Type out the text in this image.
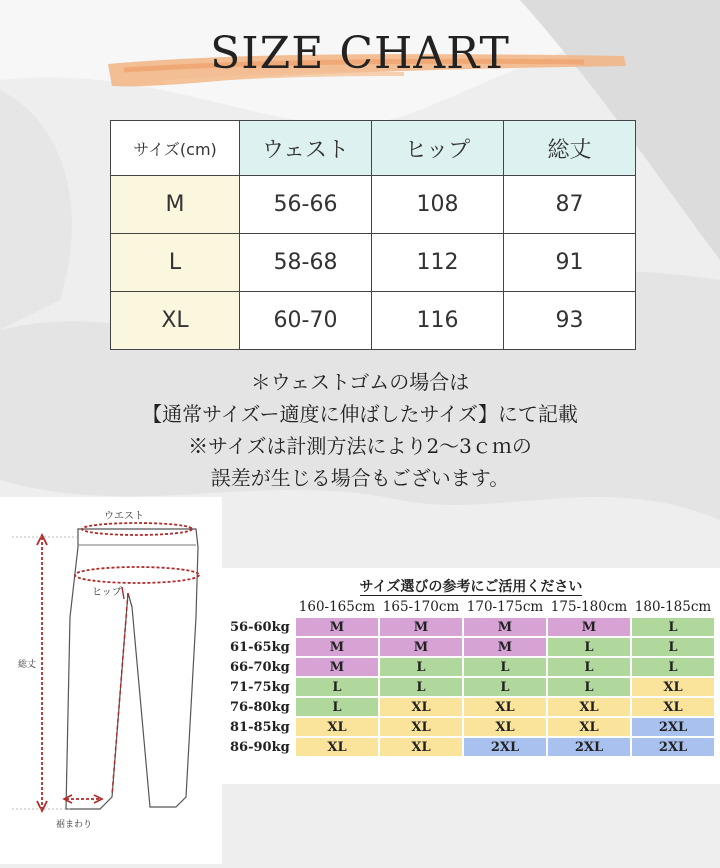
SIZE CHART
サイズ(cm)	ウェスト	ヒップ	総丈
M	56-66	108	87
L	58-68	112	91
XL	60-70	116	93
＊ウェストゴムの場合は
【通常サイズー適度に伸ばしたサイズ】にて記載
※サイズは計測方法により2〜3ｃｍの
誤差が生じる場合もございます。
ウエスト
ヒップ
総丈
裾まわり
サイズ選びの参考にご活用ください
	160-165cm	165-170cm	170-175cm	175-180cm	180-185cm
56-60kg	M	M	M	M	L
61-65kg	M	M	M	L	L
66-70kg	M	L	L	L	L
71-75kg	L	L	L	L	XL
76-80kg	L	XL	XL	XL	XL
81-85kg	XL	XL	XL	XL	2XL
86-90kg	XL	XL	2XL	2XL	2XL
